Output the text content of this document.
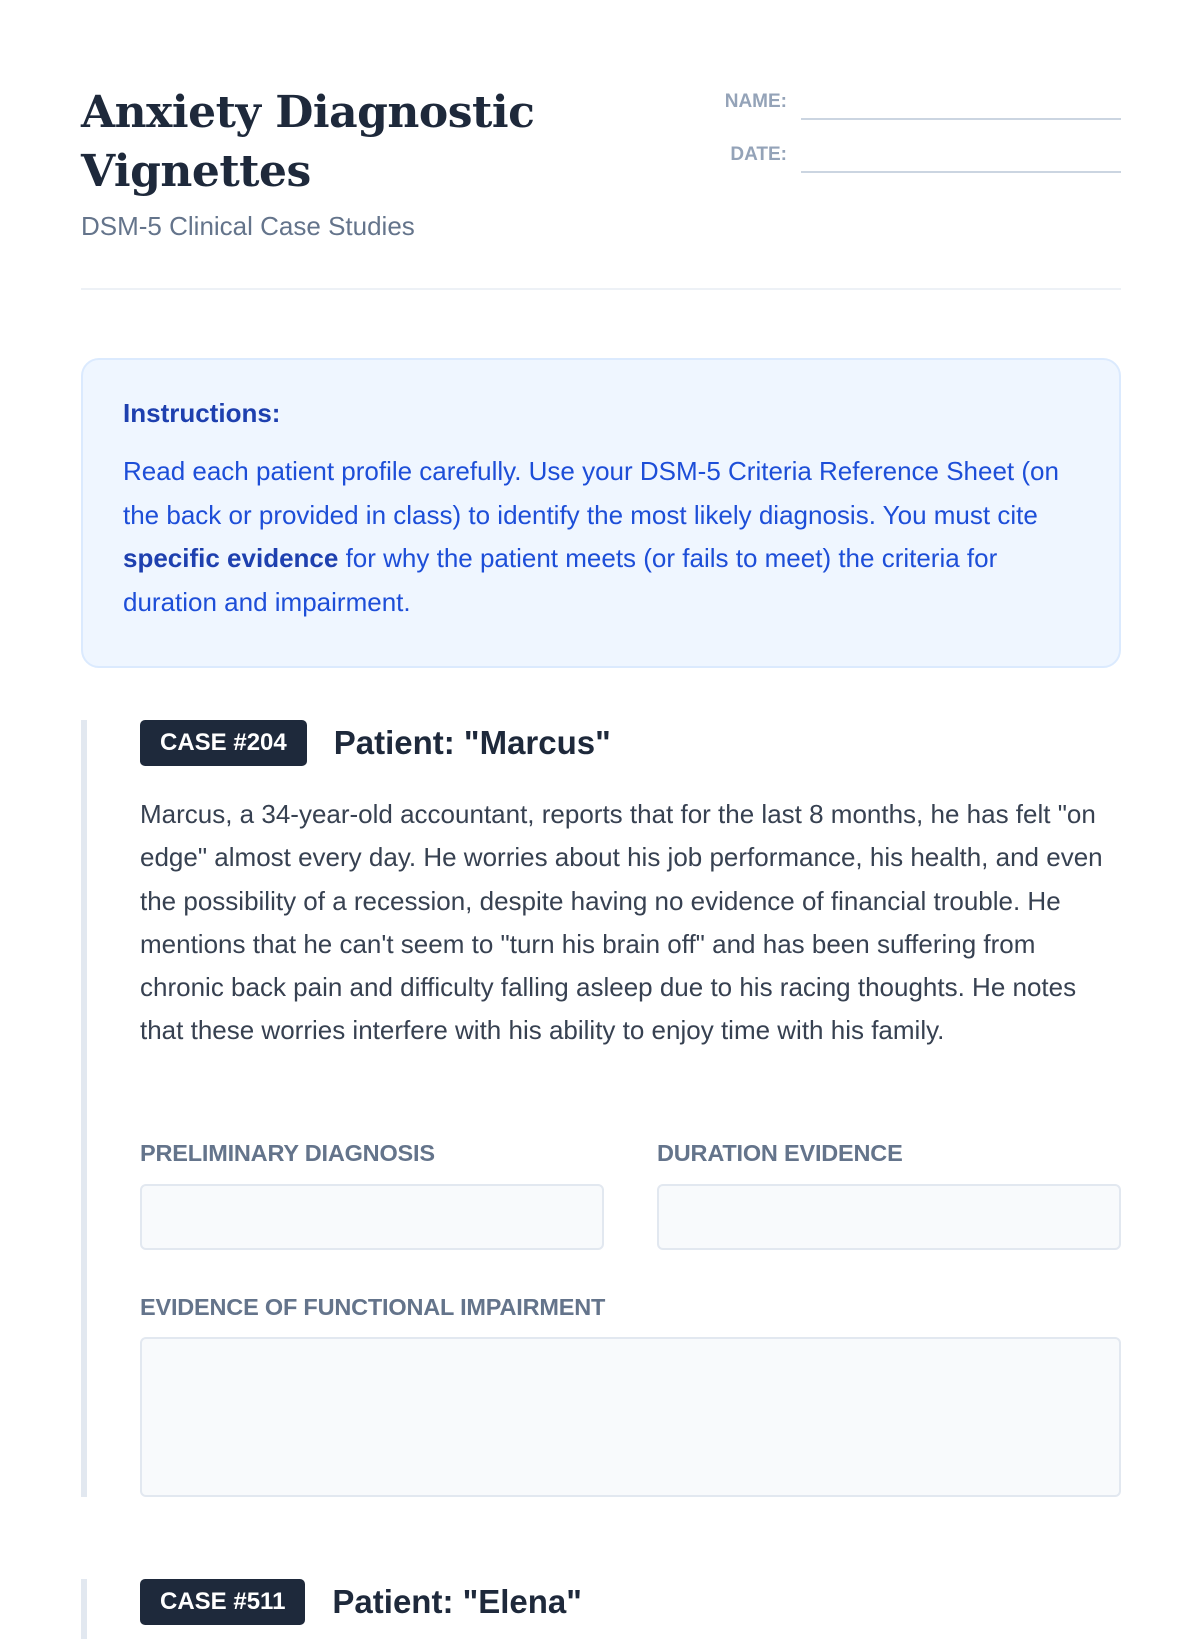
Anxiety Diagnostic Vignettes
DSM-5 Clinical Case Studies
NAME:
DATE:

Instructions:

Read each patient profile carefully. Use your DSM-5 Criteria Reference Sheet (on the back or provided in class) to identify the most likely diagnosis. You must cite specific evidence for why the patient meets (or fails to meet) the criteria for duration and impairment.

CASE #204	Patient: "Marcus"

Marcus, a 34-year-old accountant, reports that for the last 8 months, he has felt "on edge" almost every day. He worries about his job performance, his health, and even the possibility of a recession, despite having no evidence of financial trouble. He mentions that he can't seem to "turn his brain off" and has been suffering from chronic back pain and difficulty falling asleep due to his racing thoughts. He notes that these worries interfere with his ability to enjoy time with his family.

PRELIMINARY DIAGNOSIS	DURATION EVIDENCE
EVIDENCE OF FUNCTIONAL IMPAIRMENT
CASE #511	Patient: "Elena"
